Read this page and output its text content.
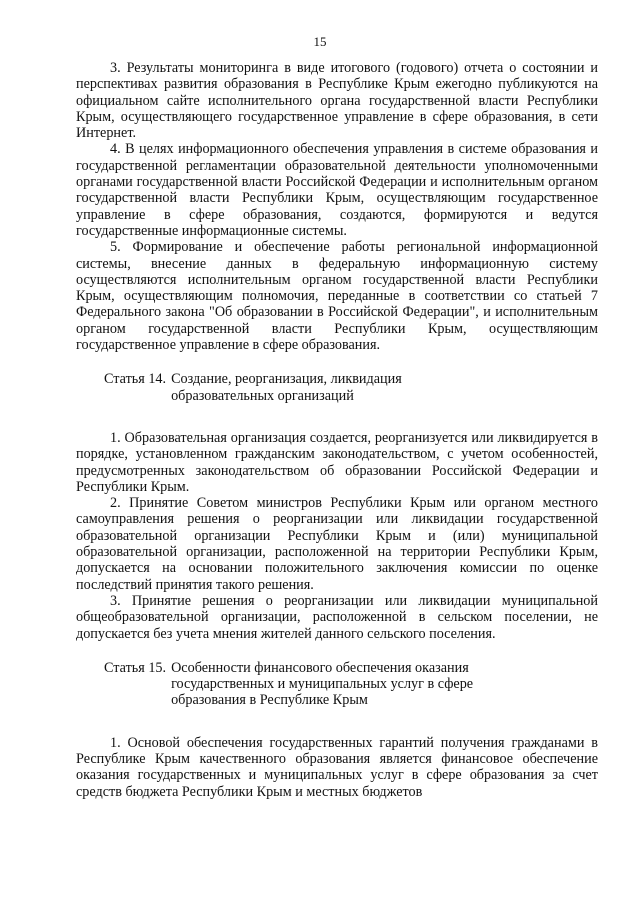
15

3. Результаты мониторинга в виде итогового (годового) отчета о состоянии и перспективах развития образования в Республике Крым ежегодно публикуются на официальном сайте исполнительного органа государственной власти Республики Крым, осуществляющего государственное управление в сфере образования, в сети Интернет.

4. В целях информационного обеспечения управления в системе образования и государственной регламентации образовательной деятельности уполномоченными органами государственной власти Российской Федерации и исполнительным органом государственной власти Республики Крым, осуществляющим государственное управление в сфере образования, создаются, формируются и ведутся государственные информационные системы.

5. Формирование и обеспечение работы региональной информационной системы, внесение данных в федеральную информационную систему осуществляются исполнительным органом государственной власти Республики Крым, осуществляющим полномочия, переданные в соответствии со статьей 7 Федерального закона "Об образовании в Российской Федерации", и исполнительным органом государственной власти Республики Крым, осуществляющим государственное управление в сфере образования.

Статья 14. Создание, реорганизация, ликвидация образовательных организаций

1. Образовательная организация создается, реорганизуется или ликвидируется в порядке, установленном гражданским законодательством, с учетом особенностей, предусмотренных законодательством об образовании Российской Федерации и Республики Крым.

2. Принятие Советом министров Республики Крым или органом местного самоуправления решения о реорганизации или ликвидации государственной образовательной организации Республики Крым и (или) муниципальной образовательной организации, расположенной на территории Республики Крым, допускается на основании положительного заключения комиссии по оценке последствий принятия такого решения.

3. Принятие решения о реорганизации или ликвидации муниципальной общеобразовательной организации, расположенной в сельском поселении, не допускается без учета мнения жителей данного сельского поселения.

Статья 15. Особенности финансового обеспечения оказания государственных и муниципальных услуг в сфере образования в Республике Крым

1. Основой обеспечения государственных гарантий получения гражданами в Республике Крым качественного образования является финансовое обеспечение оказания государственных и муниципальных услуг в сфере образования за счет средств бюджета Республики Крым и местных бюджетов
